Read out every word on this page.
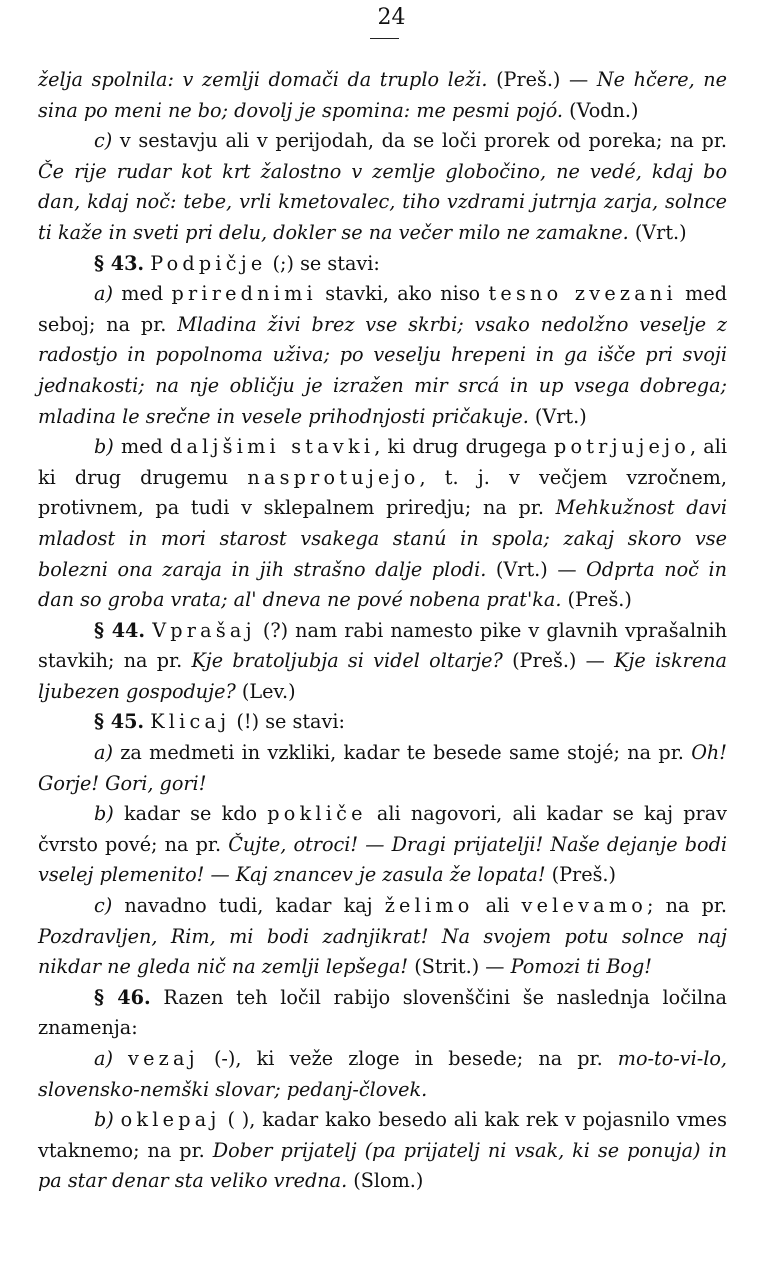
24

želja spolnila: v zemlji domači da truplo leži. (Preš.) — Ne hčere, ne sina po meni ne bo; dovolj je spomina: me pesmi pojó. (Vodn.)

c) v sestavju ali v perijodah, da se loči prorek od poreka; na pr. Če rije rudar kot krt žalostno v zemlje globočino, ne vedé, kdaj bo dan, kdaj noč: tebe, vrli kmetovalec, tiho vzdrami jutrnja zarja, solnce ti kaže in sveti pri delu, dokler se na večer milo ne zamakne. (Vrt.)

§ 43. Podpičje (;) se stavi:

a) med prirednimi stavki, ako niso tesno zvezani med seboj; na pr. Mladina živi brez vse skrbi; vsako nedolžno veselje z radostjo in popolnoma uživa; po veselju hrepeni in ga išče pri svoji jednakosti; na nje obličju je izražen mir srcá in up vsega dobrega; mladina le srečne in vesele prihodnjosti pričakuje. (Vrt.)

b) med daljšimi stavki, ki drug drugega potrjujejo, ali ki drug drugemu nasprotujejo, t. j. v večjem vzročnem, protivnem, pa tudi v sklepalnem priredju; na pr. Mehkužnost davi mladost in mori starost vsakega stanú in spola; zakaj skoro vse bolezni ona zaraja in jih strašno dalje plodi. (Vrt.) — Odprta noč in dan so groba vrata; al' dneva ne pové nobena prat'ka. (Preš.)

§ 44. Vprašaj (?) nam rabi namesto pike v glavnih vprašalnih stavkih; na pr. Kje bratoljubja si videl oltarje? (Preš.) — Kje iskrena ljubezen gospoduje? (Lev.)

§ 45. Klicaj (!) se stavi:

a) za medmeti in vzkliki, kadar te besede same stojé; na pr. Oh! Gorje! Gori, gori!

b) kadar se kdo pokliče ali nagovori, ali kadar se kaj prav čvrsto pové; na pr. Čujte, otroci! — Dragi prijatelji! Naše dejanje bodi vselej plemenito! — Kaj znancev je zasula že lopata! (Preš.)

c) navadno tudi, kadar kaj želimo ali velevamo; na pr. Pozdravljen, Rim, mi bodi zadnjikrat! Na svojem potu solnce naj nikdar ne gleda nič na zemlji lepšega! (Strit.) — Pomozi ti Bog!

§ 46. Razen teh ločil rabijo slovenščini še naslednja ločilna znamenja:

a) vezaj (-), ki veže zloge in besede; na pr. mo-to-vi-lo, slovensko-nemški slovar; pedanj-človek.

b) oklepaj ( ), kadar kako besedo ali kak rek v pojasnilo vmes vtaknemo; na pr. Dober prijatelj (pa prijatelj ni vsak, ki se ponuja) in pa star denar sta veliko vredna. (Slom.)
